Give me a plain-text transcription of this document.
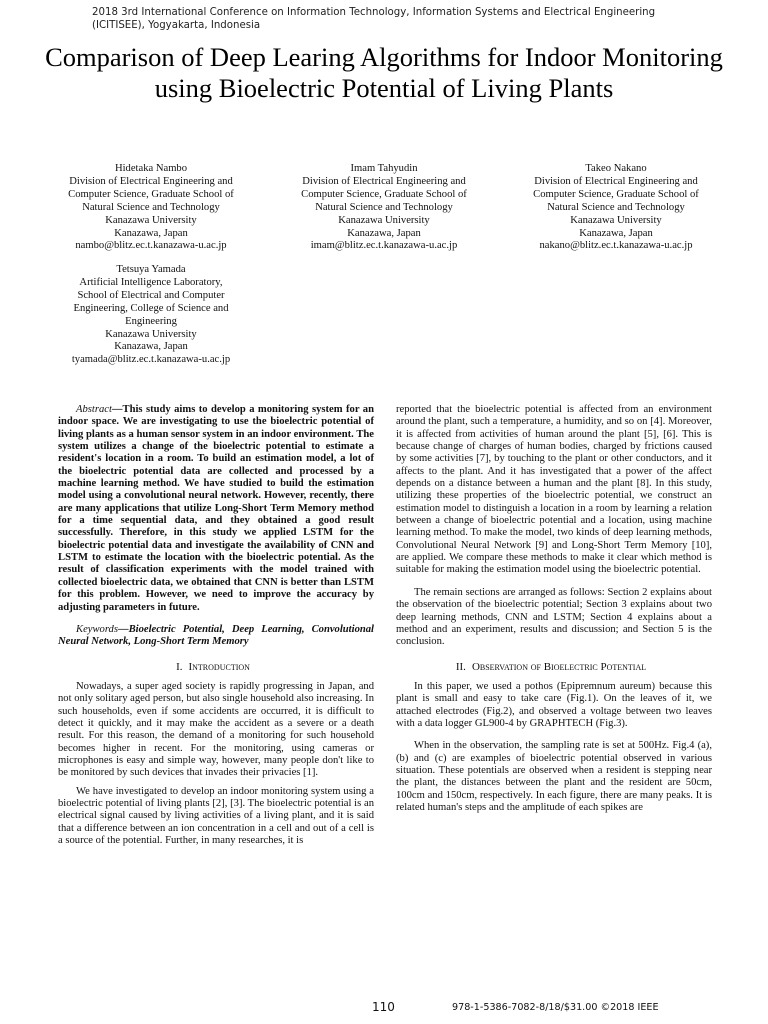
2018 3rd International Conference on Information Technology, Information Systems and Electrical Engineering (ICITISEE), Yogyakarta, Indonesia
Comparison of Deep Learing Algorithms for Indoor Monitoring using Bioelectric Potential of Living Plants
Hidetaka Nambo
Division of Electrical Engineering and
Computer Science, Graduate School of
Natural Science and Technology
Kanazawa University
Kanazawa, Japan
nambo@blitz.ec.t.kanazawa-u.ac.jp
Imam Tahyudin
Division of Electrical Engineering and
Computer Science, Graduate School of
Natural Science and Technology
Kanazawa University
Kanazawa, Japan
imam@blitz.ec.t.kanazawa-u.ac.jp
Takeo Nakano
Division of Electrical Engineering and
Computer Science, Graduate School of
Natural Science and Technology
Kanazawa University
Kanazawa, Japan
nakano@blitz.ec.t.kanazawa-u.ac.jp
Tetsuya Yamada
Artificial Intelligence Laboratory,
School of Electrical and Computer
Engineering, College of Science and
Engineering
Kanazawa University
Kanazawa, Japan
tyamada@blitz.ec.t.kanazawa-u.ac.jp

Abstract—This study aims to develop a monitoring system for an indoor space. We are investigating to use the bioelectric potential of living plants as a human sensor system in an indoor environment. The system utilizes a change of the bioelectric potential to estimate a resident's location in a room. To build an estimation model, a lot of the bioelectric potential data are collected and processed by a machine learning method. We have studied to build the estimation model using a convolutional neural network. However, recently, there are many applications that utilize Long-Short Term Memory method for a time sequential data, and they obtained a good result successfully. Therefore, in this study we applied LSTM for the bioelectric potential data and investigate the availability of CNN and LSTM to estimate the location with the bioelectric potential. As the result of classification experiments with the model trained with collected bioelectric data, we obtained that CNN is better than LSTM for this problem. However, we need to improve the accuracy by adjusting parameters in future.

Keywords—Bioelectric Potential, Deep Learning, Convolutional Neural Network, Long-Short Term Memory

I. Introduction

Nowadays, a super aged society is rapidly progressing in Japan, and not only solitary aged person, but also single household also increasing. In such households, even if some accidents are occurred, it is difficult to detect it quickly, and it may make the accident as a severe or a death result. For this reason, the demand of a monitoring for such household becomes higher in recent. For the monitoring, using cameras or microphones is easy and simple way, however, many people don't like to be monitored by such devices that invades their privacies [1].

We have investigated to develop an indoor monitoring system using a bioelectric potential of living plants [2], [3]. The bioelectric potential is an electrical signal caused by living activities of a living plant, and it is said that a difference between an ion concentration in a cell and out of a cell is a source of the potential. Further, in many researches, it is

reported that the bioelectric potential is affected from an environment around the plant, such a temperature, a humidity, and so on [4]. Moreover, it is affected from activities of human around the plant [5], [6]. This is because change of charges of human bodies, charged by frictions caused by some activities [7], by touching to the plant or other conductors, and it affects to the plant. And it has investigated that a power of the affect depends on a distance between a human and the plant [8]. In this study, utilizing these properties of the bioelectric potential, we construct an estimation model to distinguish a location in a room by learning a relation between a change of bioelectric potential and a location, using machine learning method. To make the model, two kinds of deep learning methods, Convolutional Neural Network [9] and Long-Short Term Memory [10], are applied. We compare these methods to make it clear which method is suitable for making the estimation model using the bioelectric potential.

The remain sections are arranged as follows: Section 2 explains about the observation of the bioelectric potential; Section 3 explains about two deep learning methods, CNN and LSTM; Section 4 explains about a method and an experiment, results and discussion; and Section 5 is the conclusion.

II. Observation of Bioelectric Potential

In this paper, we used a pothos (Epipremnum aureum) because this plant is small and easy to take care (Fig.1). On the leaves of it, we attached electrodes (Fig.2), and observed a voltage between two leaves with a data logger GL900-4 by GRAPHTECH (Fig.3).

When in the observation, the sampling rate is set at 500Hz. Fig.4 (a), (b) and (c) are examples of bioelectric potential observed in various situation. These potentials are observed when a resident is stepping near the plant, the distances between the plant and the resident are 50cm, 100cm and 150cm, respectively. In each figure, there are many peaks. It is related human's steps and the amplitude of each spikes are

110	978-1-5386-7082-8/18/$31.00 ©2018 IEEE
